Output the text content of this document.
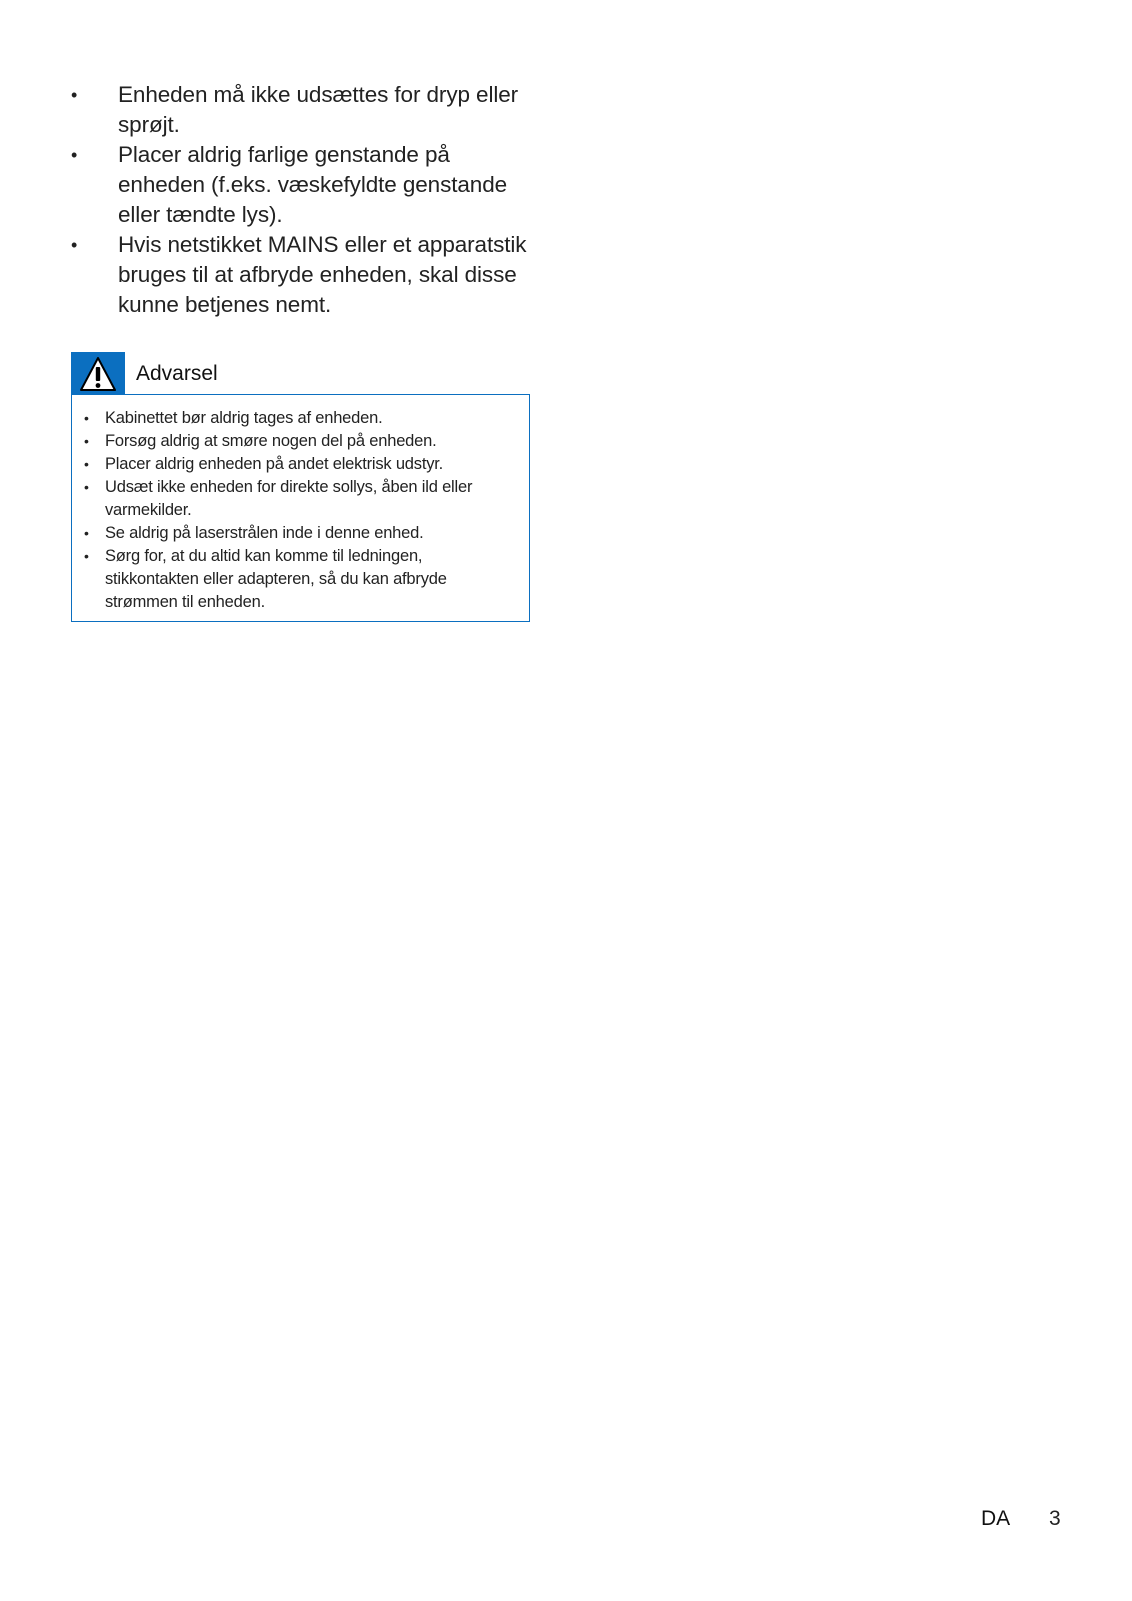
•	Enheden må ikke udsættes for dryp eller sprøjt.
•	Placer aldrig farlige genstande på enheden (f.eks. væskefyldte genstande eller tændte lys).
•	Hvis netstikket MAINS eller et apparatstik bruges til at afbryde enheden, skal disse kunne betjenes nemt.
Advarsel
• Kabinettet bør aldrig tages af enheden.
• Forsøg aldrig at smøre nogen del på enheden.
• Placer aldrig enheden på andet elektrisk udstyr.
• Udsæt ikke enheden for direkte sollys, åben ild eller varmekilder.
• Se aldrig på laserstrålen inde i denne enhed.
• Sørg for, at du altid kan komme til ledningen, stikkontakten eller adapteren, så du kan afbryde strømmen til enheden.
DA 3
